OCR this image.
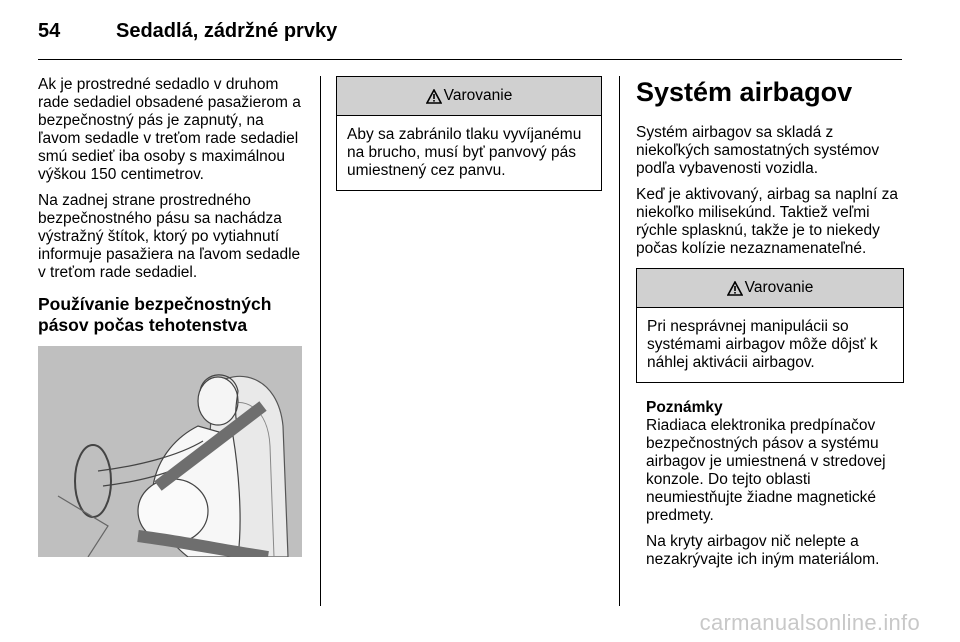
54	Sedadlá, zádržné prvky

Ak je prostredné sedadlo v druhom rade sedadiel obsadené pasažierom a bezpečnostný pás je zapnutý, na ľavom sedadle v treťom rade sedadiel smú sedieť iba osoby s maximálnou výškou 150 centimetrov.

Na zadnej strane prostredného bezpečnostného pásu sa nachádza výstražný štítok, ktorý po vytiahnutí informuje pasažiera na ľavom sedadle v treťom rade sedadiel.

Používanie bezpečnostných pásov počas tehotenstva
Varovanie
Aby sa zabránilo tlaku vyvíjanému na brucho, musí byť panvový pás umiestnený cez panvu.
Systém airbagov

Systém airbagov sa skladá z niekoľkých samostatných systémov podľa vybavenosti vozidla.

Keď je aktivovaný, airbag sa naplní za niekoľko milisekúnd. Taktiež veľmi rýchle splasknú, takže je to niekedy počas kolízie nezaznamenateľné.

Varovanie
Pri nesprávnej manipulácii so systémami airbagov môže dôjsť k náhlej aktivácii airbagov.

Poznámky

Riadiaca elektronika predpínačov bezpečnostných pásov a systému airbagov je umiestnená v stredovej konzole. Do tejto oblasti neumiestňujte žiadne magnetické predmety.

Na kryty airbagov nič nelepte a nezakrývajte ich iným materiálom.

carmanualsonline.info
